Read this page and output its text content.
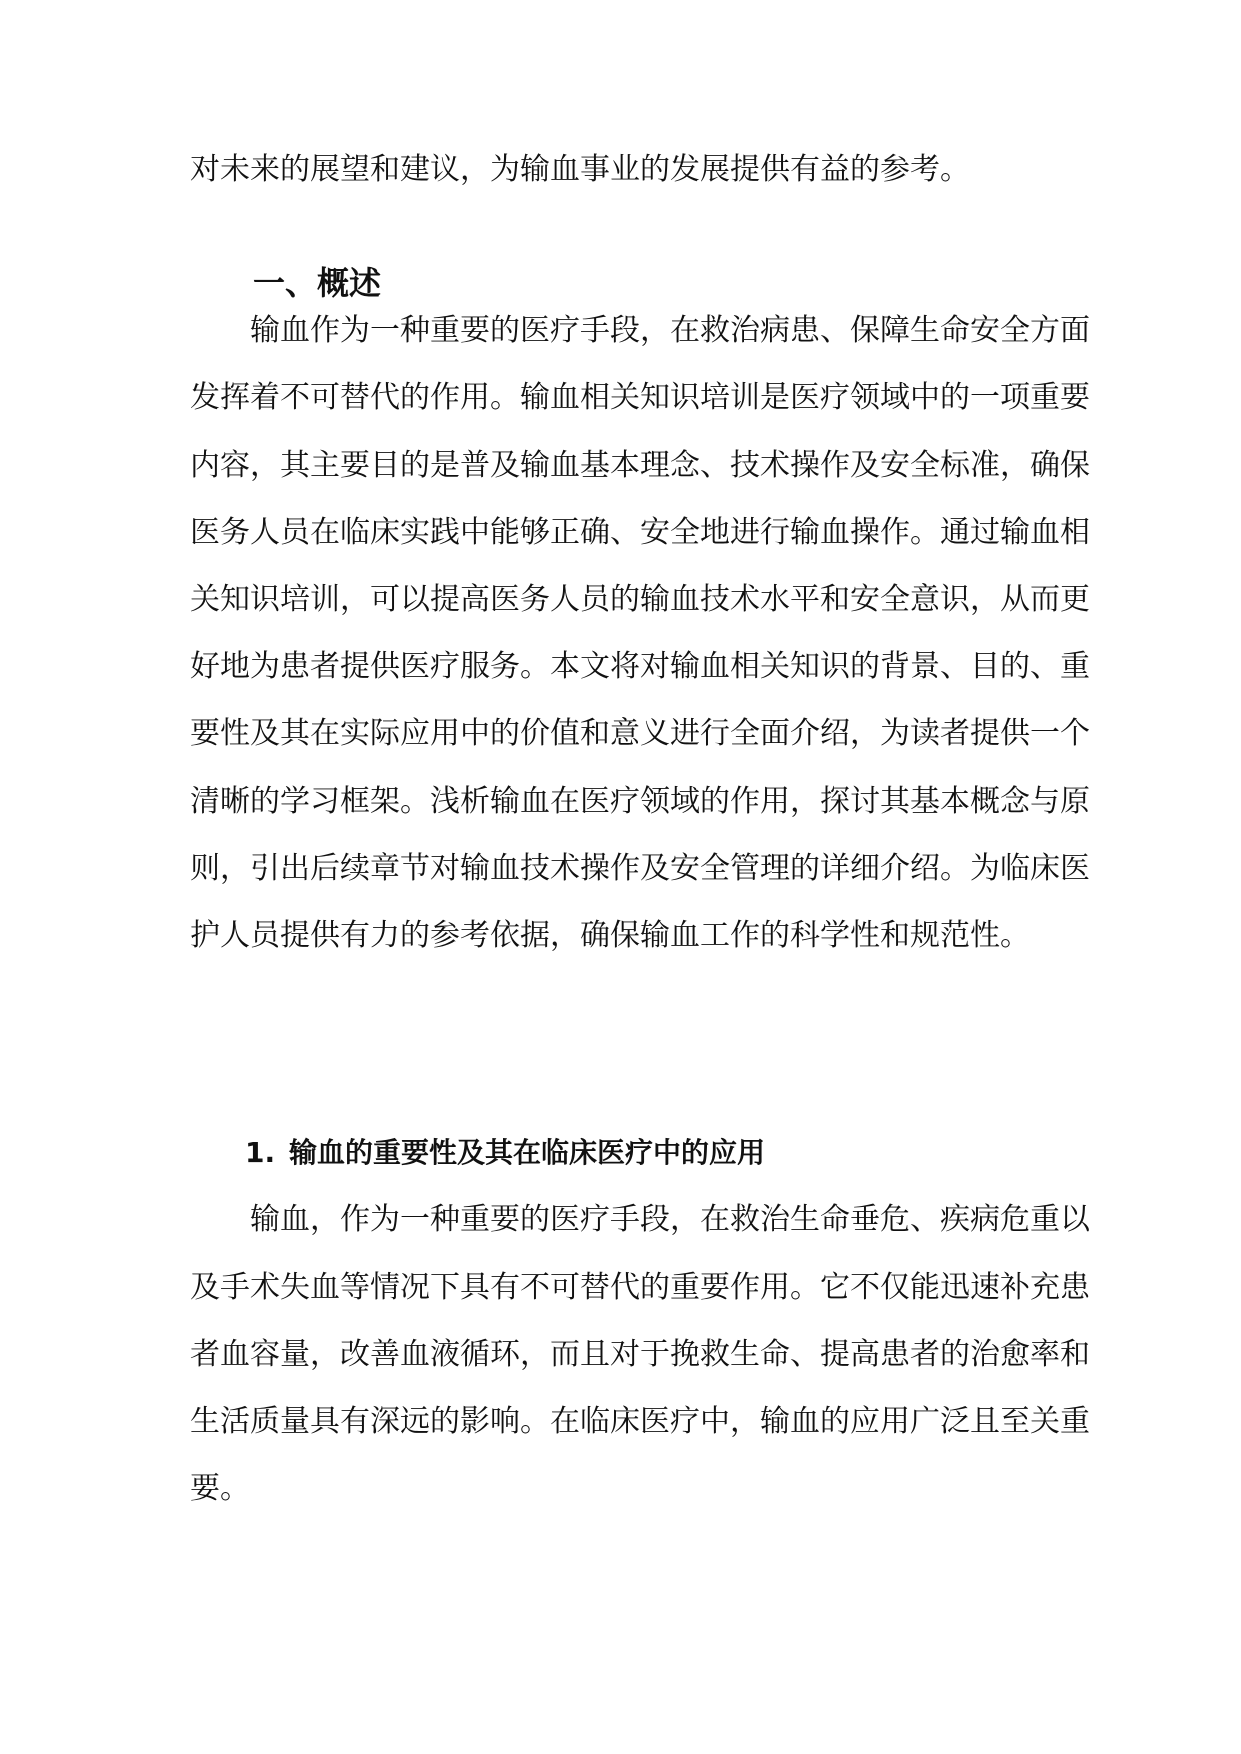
对未来的展望和建议，为输血事业的发展提供有益的参考。
一、概述
输血作为一种重要的医疗手段，在救治病患、保障生命安全方面
发挥着不可替代的作用。输血相关知识培训是医疗领域中的一项重要
内容，其主要目的是普及输血基本理念、技术操作及安全标准，确保
医务人员在临床实践中能够正确、安全地进行输血操作。通过输血相
关知识培训，可以提高医务人员的输血技术水平和安全意识，从而更
好地为患者提供医疗服务。本文将对输血相关知识的背景、目的、重
要性及其在实际应用中的价值和意义进行全面介绍，为读者提供一个
清晰的学习框架。浅析输血在医疗领域的作用，探讨其基本概念与原
则，引出后续章节对输血技术操作及安全管理的详细介绍。为临床医
护人员提供有力的参考依据，确保输血工作的科学性和规范性。
1. 输血的重要性及其在临床医疗中的应用
输血，作为一种重要的医疗手段，在救治生命垂危、疾病危重以
及手术失血等情况下具有不可替代的重要作用。它不仅能迅速补充患
者血容量，改善血液循环，而且对于挽救生命、提高患者的治愈率和
生活质量具有深远的影响。在临床医疗中，输血的应用广泛且至关重
要。
